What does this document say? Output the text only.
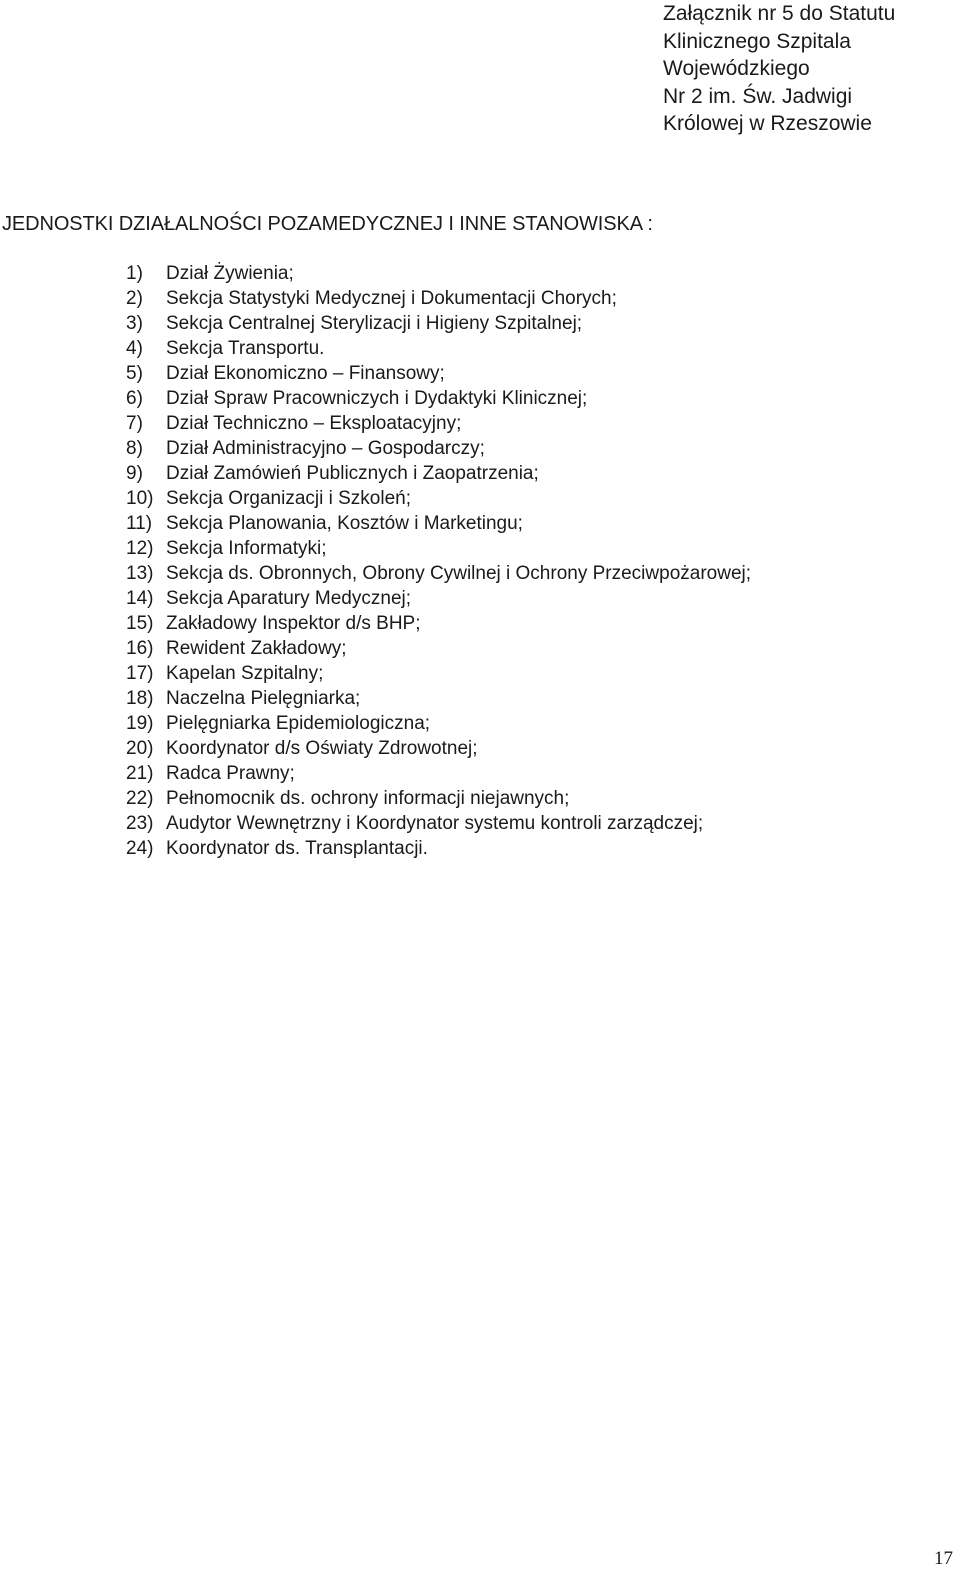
Załącznik nr 5 do Statutu
Klinicznego Szpitala
Wojewódzkiego
Nr 2 im. Św. Jadwigi
Królowej w Rzeszowie
JEDNOSTKI DZIAŁALNOŚCI POZAMEDYCZNEJ I INNE STANOWISKA :
1)	Dział Żywienia;
2)	Sekcja Statystyki Medycznej i Dokumentacji Chorych;
3)	Sekcja Centralnej Sterylizacji i Higieny Szpitalnej;
4)	Sekcja Transportu.
5)	Dział Ekonomiczno – Finansowy;
6)	Dział Spraw Pracowniczych i Dydaktyki Klinicznej;
7)	Dział Techniczno – Eksploatacyjny;
8)	Dział Administracyjno – Gospodarczy;
9)	Dział Zamówień Publicznych i Zaopatrzenia;
10) Sekcja Organizacji i Szkoleń;
11) Sekcja Planowania, Kosztów i Marketingu;
12) Sekcja Informatyki;
13) Sekcja ds. Obronnych, Obrony Cywilnej i Ochrony Przeciwpożarowej;
14) Sekcja Aparatury Medycznej;
15) Zakładowy Inspektor d/s BHP;
16) Rewident Zakładowy;
17) Kapelan Szpitalny;
18) Naczelna Pielęgniarka;
19) Pielęgniarka Epidemiologiczna;
20) Koordynator d/s Oświaty Zdrowotnej;
21) Radca Prawny;
22) Pełnomocnik ds. ochrony informacji niejawnych;
23) Audytor Wewnętrzny i Koordynator systemu kontroli zarządczej;
24) Koordynator ds. Transplantacji.
17
